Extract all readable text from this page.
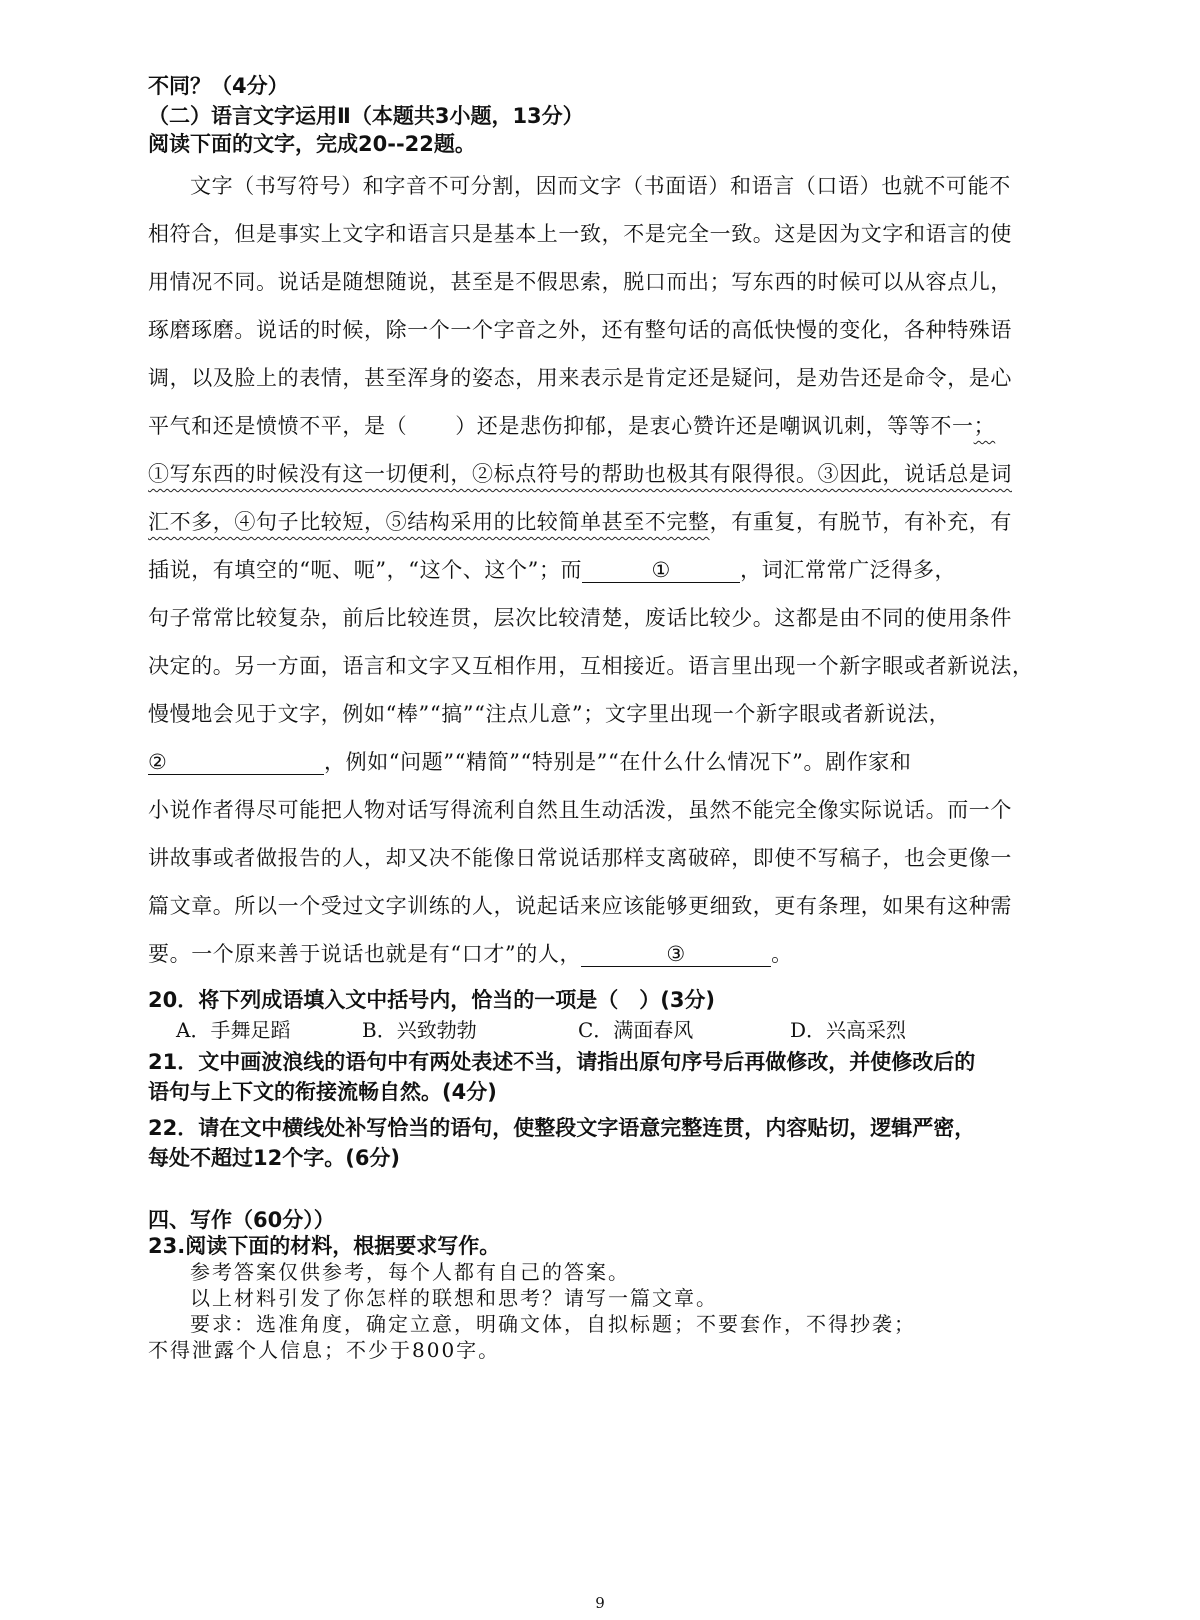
不同？（4分）

（二）语言文字运用Ⅱ（本题共3小题，13分）

阅读下面的文字，完成20--22题。

文字（书写符号）和字音不可分割，因而文字（书面语）和语言（口语）也就不可能不

相符合，但是事实上文字和语言只是基本上一致，不是完全一致。这是因为文字和语言的使

用情况不同。说话是随想随说，甚至是不假思索，脱口而出；写东西的时候可以从容点儿，

琢磨琢磨。说话的时候，除一个一个字音之外，还有整句话的高低快慢的变化，各种特殊语

调，以及脸上的表情，甚至浑身的姿态，用来表示是肯定还是疑问，是劝告还是命令，是心

平气和还是愤愤不平，是（ ）还是悲伤抑郁，是衷心赞许还是嘲讽讥刺，等等不一；

①写东西的时候没有这一切便利，②标点符号的帮助也极其有限得很。③因此，说话总是词

汇不多，④句子比较短，⑤结构采用的比较简单甚至不完整，有重复，有脱节，有补充，有

插说，有填空的“呃、呃”，“这个、这个”；而	①	，词汇常常广泛得多，

句子常常比较复杂，前后比较连贯，层次比较清楚，废话比较少。这都是由不同的使用条件

决定的。另一方面，语言和文字又互相作用，互相接近。语言里出现一个新字眼或者新说法，

慢慢地会见于文字，例如“棒”“搞”“注点儿意”；文字里出现一个新字眼或者新说法，

②	，例如“问题”“精简”“特别是”“在什么什么情况下”。剧作家和

小说作者得尽可能把人物对话写得流利自然且生动活泼，虽然不能完全像实际说话。而一个

讲故事或者做报告的人，却又决不能像日常说话那样支离破碎，即使不写稿子，也会更像一

篇文章。所以一个受过文字训练的人，说起话来应该能够更细致，更有条理，如果有这种需

要。一个原来善于说话也就是有“口才”的人，	③	。

20．将下列成语填入文中括号内，恰当的一项是（　）(3分)

A．手舞足蹈	B．兴致勃勃	C．满面春风	D．兴高采烈

21．文中画波浪线的语句中有两处表述不当，请指出原句序号后再做修改，并使修改后的

语句与上下文的衔接流畅自然。(4分)

22．请在文中横线处补写恰当的语句，使整段文字语意完整连贯，内容贴切，逻辑严密，

每处不超过12个字。(6分)

四、写作（60分））

23.阅读下面的材料，根据要求写作。

参考答案仅供参考，每个人都有自己的答案。

以上材料引发了你怎样的联想和思考？请写一篇文章。

要求：选准角度，确定立意，明确文体，自拟标题；不要套作，不得抄袭；

不得泄露个人信息；不少于800字。

9
